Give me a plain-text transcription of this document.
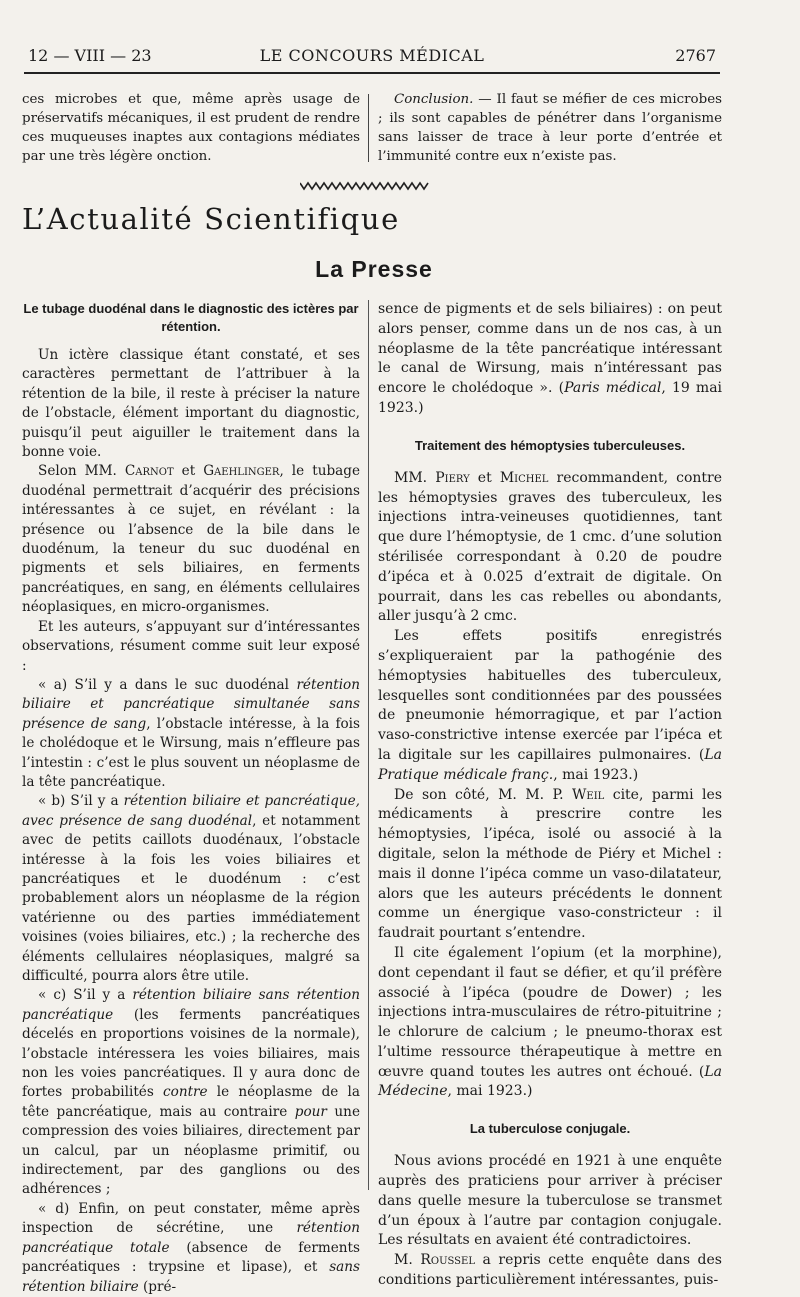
12 — VIII — 23	LE CONCOURS MÉDICAL	2767

ces microbes et que, même après usage de préservatifs mécaniques, il est prudent de rendre ces muqueuses inaptes aux contagions médiates par une très légère onction.

Conclusion. — Il faut se méfier de ces microbes ; ils sont capables de pénétrer dans l’organisme sans laisser de trace à leur porte d’entrée et l’immunité contre eux n’existe pas.

L’Actualité Scientifique
La Presse
Le tubage duodénal dans le diagnostic des ictères par rétention.

Un ictère classique étant constaté, et ses caractères permettant de l’attribuer à la rétention de la bile, il reste à préciser la nature de l’obstacle, élément important du diagnostic, puisqu’il peut aiguiller le traitement dans la bonne voie.

Selon MM. Carnot et Gaehlinger, le tubage duodénal permettrait d’acquérir des précisions intéressantes à ce sujet, en révélant : la présence ou l’absence de la bile dans le duodénum, la teneur du suc duodénal en pigments et sels biliaires, en ferments pancréatiques, en sang, en éléments cellulaires néoplasiques, en micro-organismes.

Et les auteurs, s’appuyant sur d’intéressantes observations, résument comme suit leur exposé :

« a) S’il y a dans le suc duodénal rétention biliaire et pancréatique simultanée sans présence de sang, l’obstacle intéresse, à la fois le cholédoque et le Wirsung, mais n’effleure pas l’intestin : c’est le plus souvent un néoplasme de la tête pancréatique.

« b) S’il y a rétention biliaire et pancréatique, avec présence de sang duodénal, et notamment avec de petits caillots duodénaux, l’obstacle intéresse à la fois les voies biliaires et pancréatiques et le duodénum : c’est probablement alors un néoplasme de la région vatérienne ou des parties immédiatement voisines (voies biliaires, etc.) ; la recherche des éléments cellulaires néoplasiques, malgré sa difficulté, pourra alors être utile.

« c) S’il y a rétention biliaire sans rétention pancréatique (les ferments pancréatiques décelés en proportions voisines de la normale), l’obstacle intéressera les voies biliaires, mais non les voies pancréatiques. Il y aura donc de fortes probabilités contre le néoplasme de la tête pancréatique, mais au contraire pour une compression des voies biliaires, directement par un calcul, par un néoplasme primitif, ou indirectement, par des ganglions ou des adhérences ;

« d) Enfin, on peut constater, même après inspection de sécrétine, une rétention pancréatique totale (absence de ferments pancréatiques : trypsine et lipase), et sans rétention biliaire (pré-

sence de pigments et de sels biliaires) : on peut alors penser, comme dans un de nos cas, à un néoplasme de la tête pancréatique intéressant le canal de Wirsung, mais n’intéressant pas encore le cholédoque ». (Paris médical, 19 mai 1923.)

Traitement des hémoptysies tuberculeuses.

MM. Piery et Michel recommandent, contre les hémoptysies graves des tuberculeux, les injections intra-veineuses quotidiennes, tant que dure l’hémoptysie, de 1 cmc. d’une solution stérilisée correspondant à 0.20 de poudre d’ipéca et à 0.025 d’extrait de digitale. On pourrait, dans les cas rebelles ou abondants, aller jusqu’à 2 cmc.

Les effets positifs enregistrés s’expliqueraient par la pathogénie des hémoptysies habituelles des tuberculeux, lesquelles sont conditionnées par des poussées de pneumonie hémorragique, et par l’action vaso-constrictive intense exercée par l’ipéca et la digitale sur les capillaires pulmonaires. (La Pratique médicale franç., mai 1923.)

De son côté, M. M. P. Weil cite, parmi les médicaments à prescrire contre les hémoptysies, l’ipéca, isolé ou associé à la digitale, selon la méthode de Piéry et Michel : mais il donne l’ipéca comme un vaso-dilatateur, alors que les auteurs précédents le donnent comme un énergique vaso-constricteur : il faudrait pourtant s’entendre.

Il cite également l’opium (et la morphine), dont cependant il faut se défier, et qu’il préfère associé à l’ipéca (poudre de Dower) ; les injections intra-musculaires de rétro-pituitrine ; le chlorure de calcium ; le pneumo-thorax est l’ultime ressource thérapeutique à mettre en œuvre quand toutes les autres ont échoué. (La Médecine, mai 1923.)

La tuberculose conjugale.

Nous avions procédé en 1921 à une enquête auprès des praticiens pour arriver à préciser dans quelle mesure la tuberculose se transmet d’un époux à l’autre par contagion conjugale. Les résultats en avaient été contradictoires.

M. Roussel a repris cette enquête dans des conditions particulièrement intéressantes, puis-
